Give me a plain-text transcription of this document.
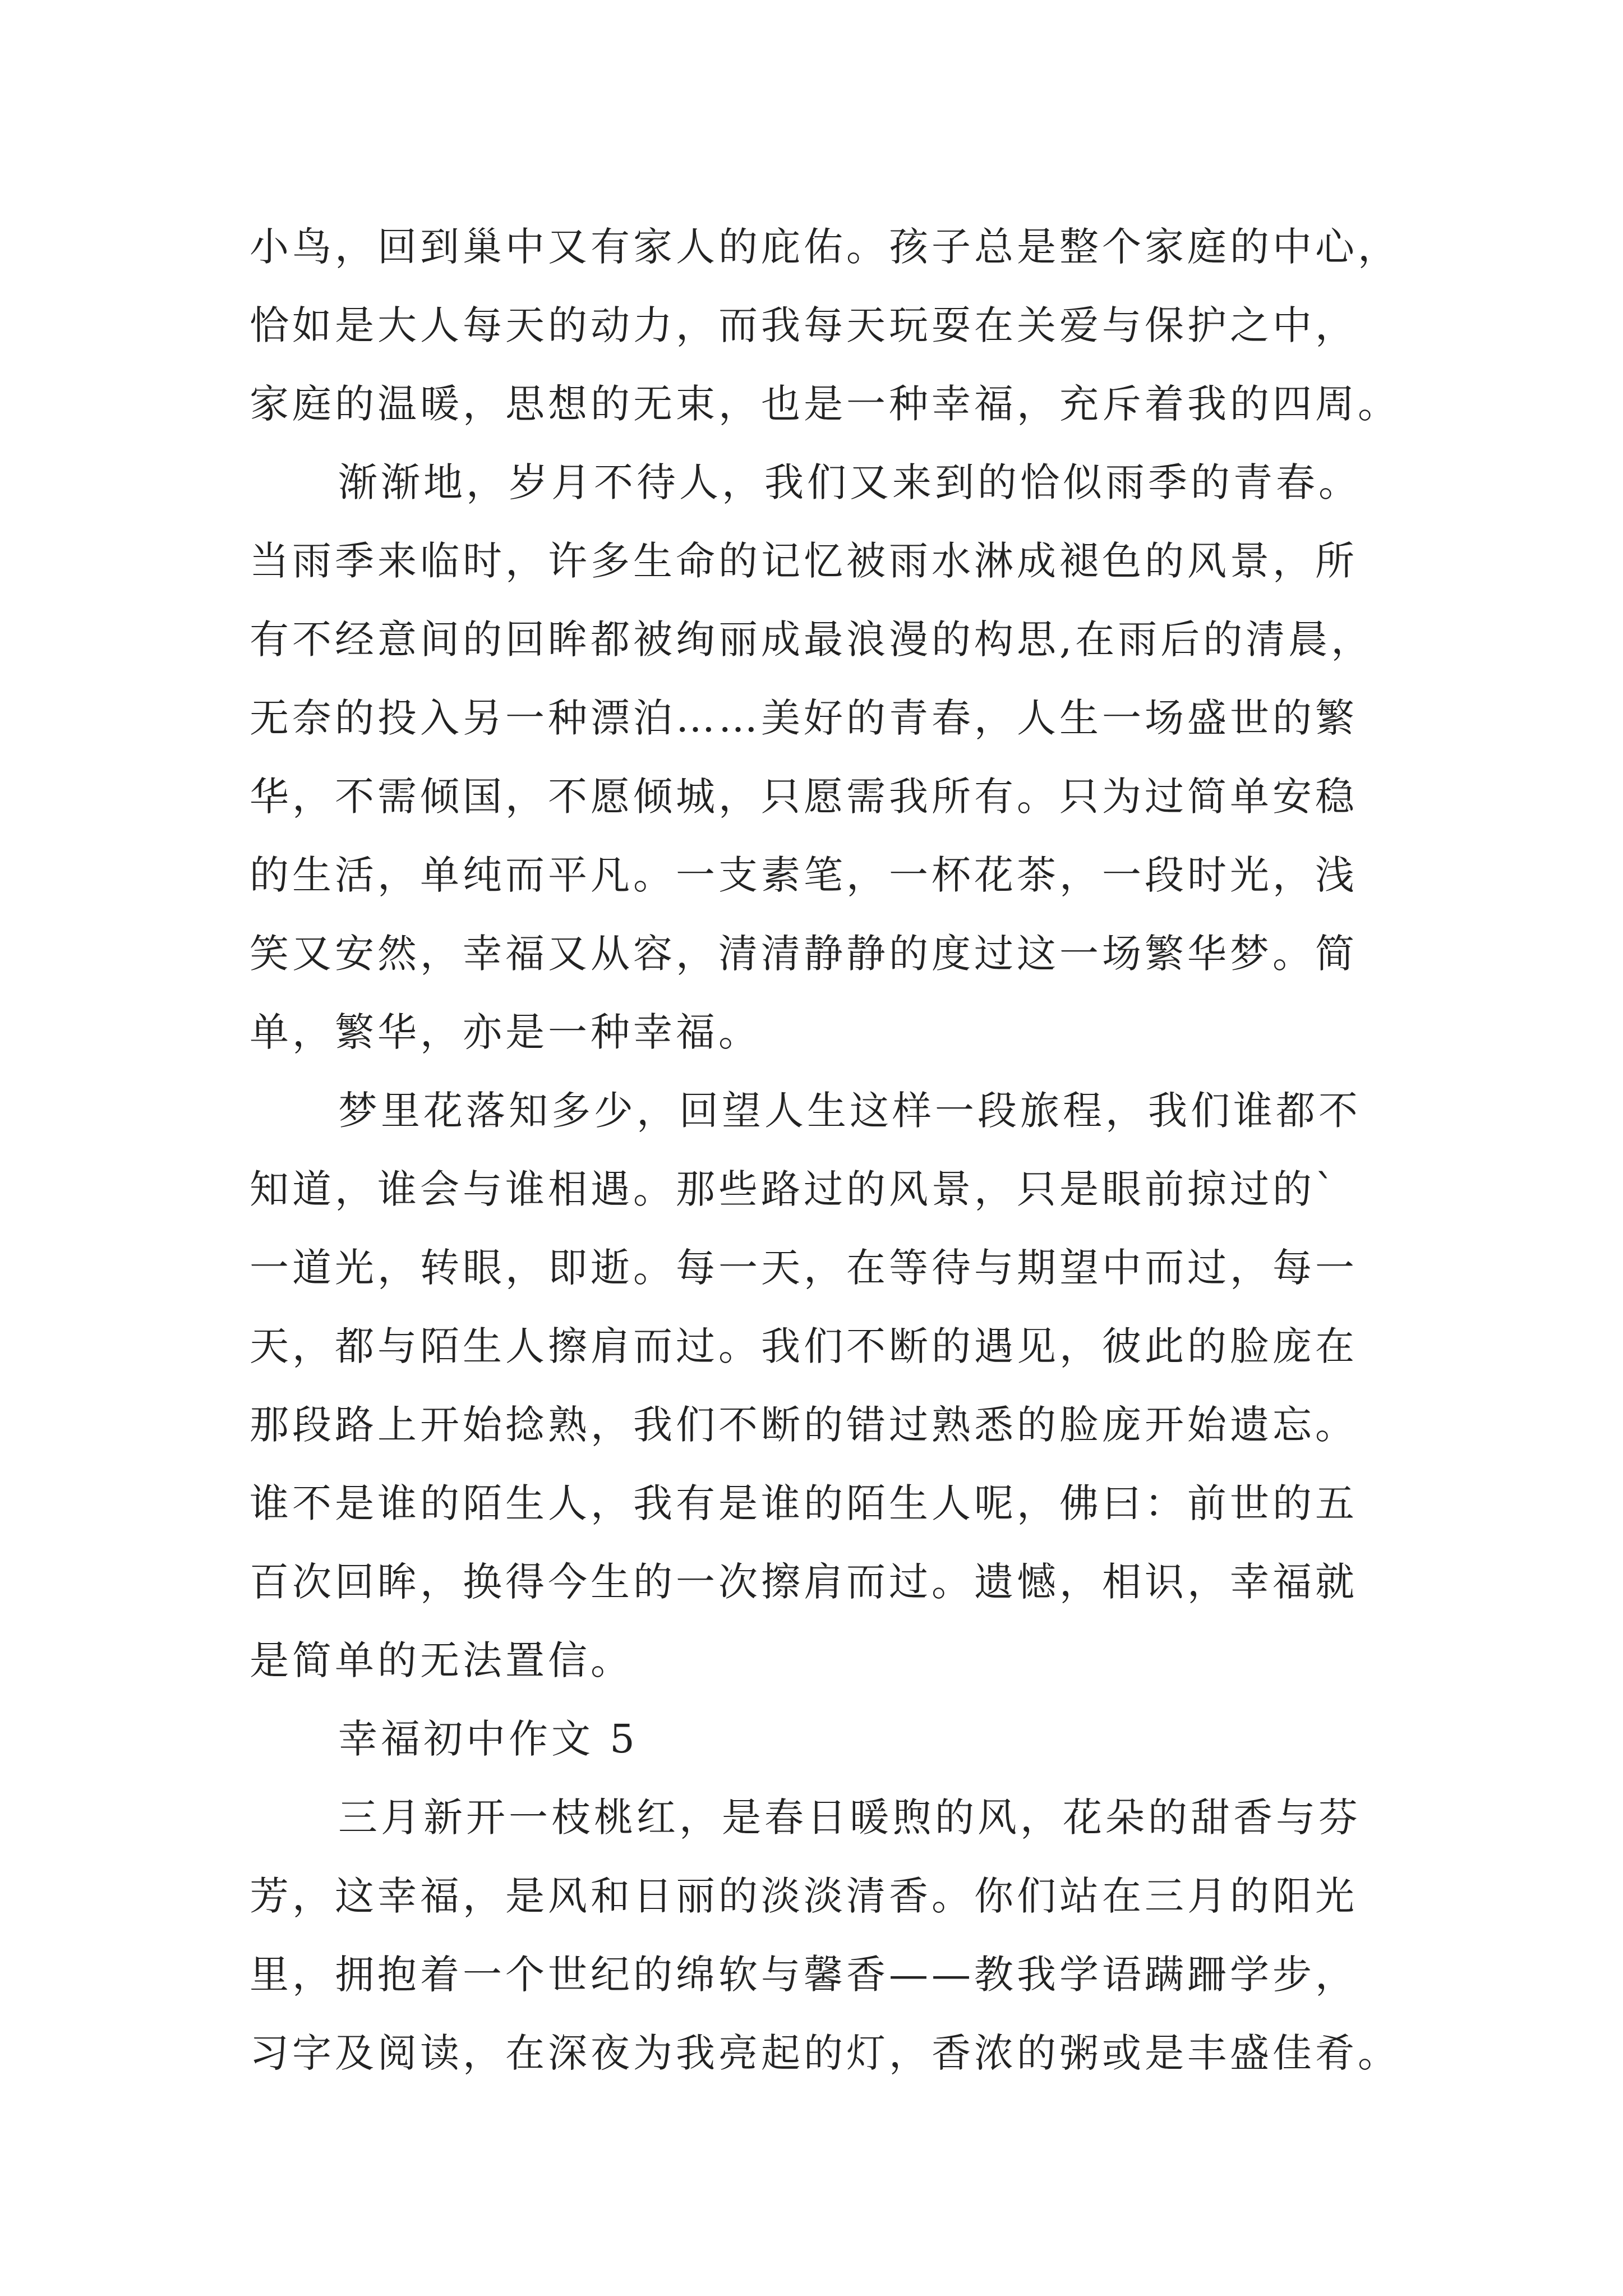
小鸟，回到巢中又有家人的庇佑。孩子总是整个家庭的中心，
恰如是大人每天的动力，而我每天玩耍在关爱与保护之中，
家庭的温暖，思想的无束，也是一种幸福，充斥着我的四周。
渐渐地，岁月不待人，我们又来到的恰似雨季的青春。
当雨季来临时，许多生命的记忆被雨水淋成褪色的风景，所
有不经意间的回眸都被绚丽成最浪漫的构思,在雨后的清晨，
无奈的投入另一种漂泊……美好的青春，人生一场盛世的繁
华，不需倾国，不愿倾城，只愿需我所有。只为过简单安稳
的生活，单纯而平凡。一支素笔，一杯花茶，一段时光，浅
笑又安然，幸福又从容，清清静静的度过这一场繁华梦。简
单，繁华，亦是一种幸福。
梦里花落知多少，回望人生这样一段旅程，我们谁都不
知道，谁会与谁相遇。那些路过的风景，只是眼前掠过的`
一道光，转眼，即逝。每一天，在等待与期望中而过，每一
天，都与陌生人擦肩而过。我们不断的遇见，彼此的脸庞在
那段路上开始捻熟，我们不断的错过熟悉的脸庞开始遗忘。
谁不是谁的陌生人，我有是谁的陌生人呢，佛曰：前世的五
百次回眸，换得今生的一次擦肩而过。遗憾，相识，幸福就
是简单的无法置信。
幸福初中作文 5
三月新开一枝桃红，是春日暖煦的风，花朵的甜香与芬
芳，这幸福，是风和日丽的淡淡清香。你们站在三月的阳光
里，拥抱着一个世纪的绵软与馨香——教我学语蹒跚学步，
习字及阅读，在深夜为我亮起的灯，香浓的粥或是丰盛佳肴。
